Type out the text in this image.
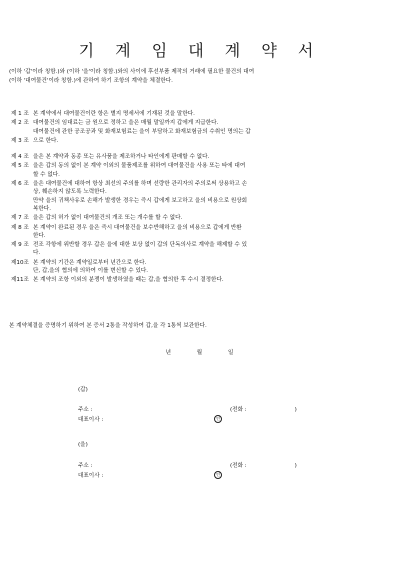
기 계 임 대 계 약 서
(이하 '갑'이라 칭함.)와 (이하 '을'이라 칭함.)와의 사이에 후선부품 제작의 거래에 필요한 물건의 대여
(이하 '대여물건'이라 칭함.)에 관하여 하기 조항의 계약을 체결한다.
제 1 조 본 계약에서 대여물건이란 항은 별지 명세서에 기재된 것을 말한다.
제 2 조 대여물건의 임대료는 금 원으로 정하고 을은 매월 말일까지 갑에게 지급한다.
대여물건에 관한 공조공과 및 화재보험료는 을이 부담하고 화재보험금의 수취인 명의는 갑
제 3 조 으로 한다.
제 4 조 을은 본 계약과 동종 또는 유사품을 제조하거나 타인에게 판매할 수 없다.
제 5 조 을은 갑의 동의 없이 본 계약 이외의 물품제조를 위하여 대여물건을 사용 또는 타에 대여
할 수 없다.
제 6 조 을은 대여물건에 대하여 항상 최선의 주의를 하며 선량한 관리자의 주의로써 상용하고 손
상, 훼손하지 않도록 노력한다.
만약 을의 귀책사유로 손해가 발생한 경우는 즉시 갑에게 보고하고 을의 비용으로 원상회
복한다.
제 7 조 을은 갑의 허가 없이 대여물건의 개조 또는 개수를 할 수 없다.
제 8 조 본 계약이 완료된 경우 을은 즉시 대여물건을 보수반해하고 을의 비용으로 갑에게 반환
한다.
제 9 조 전조 각항에 위반할 경우 갑은 을에 대한 보상 없이 갑의 단독의사로 계약을 해제할 수 있
다.
제10조 본 계약의 기간은 계약일로부터 년간으로 한다.
단, 갑,을의 협의에 의하여 이를 변신할 수 있다.
제11조 본 계약의 조항 이외의 분쟁이 발생하였을 때는 갑,을 협의한 후 수시 결정한다.
본 계약체결을 증명하기 위하여 본 증서 2통을 작성하여 갑,을 각 1통씩 보관한다.
년	월	일
(갑)
주소 :	(전화 :	)
대표이사 :	인
(을)
주소 :	(전화 :	)
대표이사 :	인
